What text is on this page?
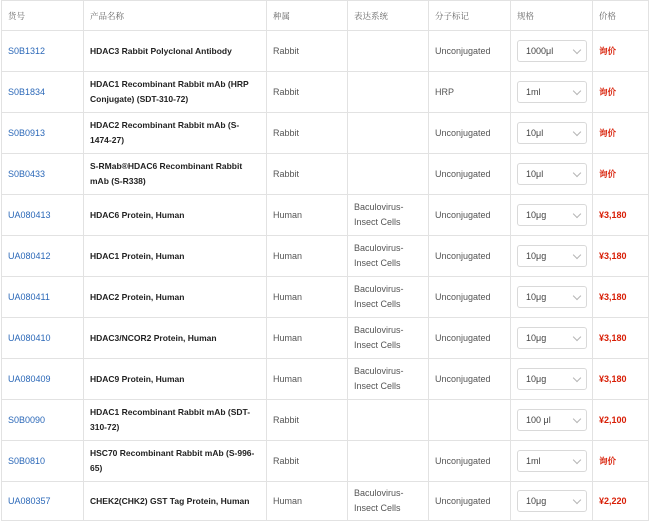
货号	产品名称	种属	表达系统	分子标记	规格	价格
S0B1312	HDAC3 Rabbit Polyclonal Antibody	Rabbit		Unconjugated	1000μl	询价
S0B1834	HDAC1 Recombinant Rabbit mAb (HRP Conjugate) (SDT-310-72)	Rabbit		HRP	1ml	询价
S0B0913	HDAC2 Recombinant Rabbit mAb (S-1474-27)	Rabbit		Unconjugated	10μl	询价
S0B0433	S-RMab®HDAC6 Recombinant Rabbit mAb (S-R338)	Rabbit		Unconjugated	10μl	询价
UA080413	HDAC6 Protein, Human	Human	Baculovirus-Insect Cells	Unconjugated	10μg	¥3,180
UA080412	HDAC1 Protein, Human	Human	Baculovirus-Insect Cells	Unconjugated	10μg	¥3,180
UA080411	HDAC2 Protein, Human	Human	Baculovirus-Insect Cells	Unconjugated	10μg	¥3,180
UA080410	HDAC3/NCOR2 Protein, Human	Human	Baculovirus-Insect Cells	Unconjugated	10μg	¥3,180
UA080409	HDAC9 Protein, Human	Human	Baculovirus-Insect Cells	Unconjugated	10μg	¥3,180
S0B0090	HDAC1 Recombinant Rabbit mAb (SDT-310-72)	Rabbit			100 μl	¥2,100
S0B0810	HSC70 Recombinant Rabbit mAb (S-996-65)	Rabbit		Unconjugated	1ml	询价
UA080357	CHEK2(CHK2) GST Tag Protein, Human	Human	Baculovirus-Insect Cells	Unconjugated	10μg	¥2,220
